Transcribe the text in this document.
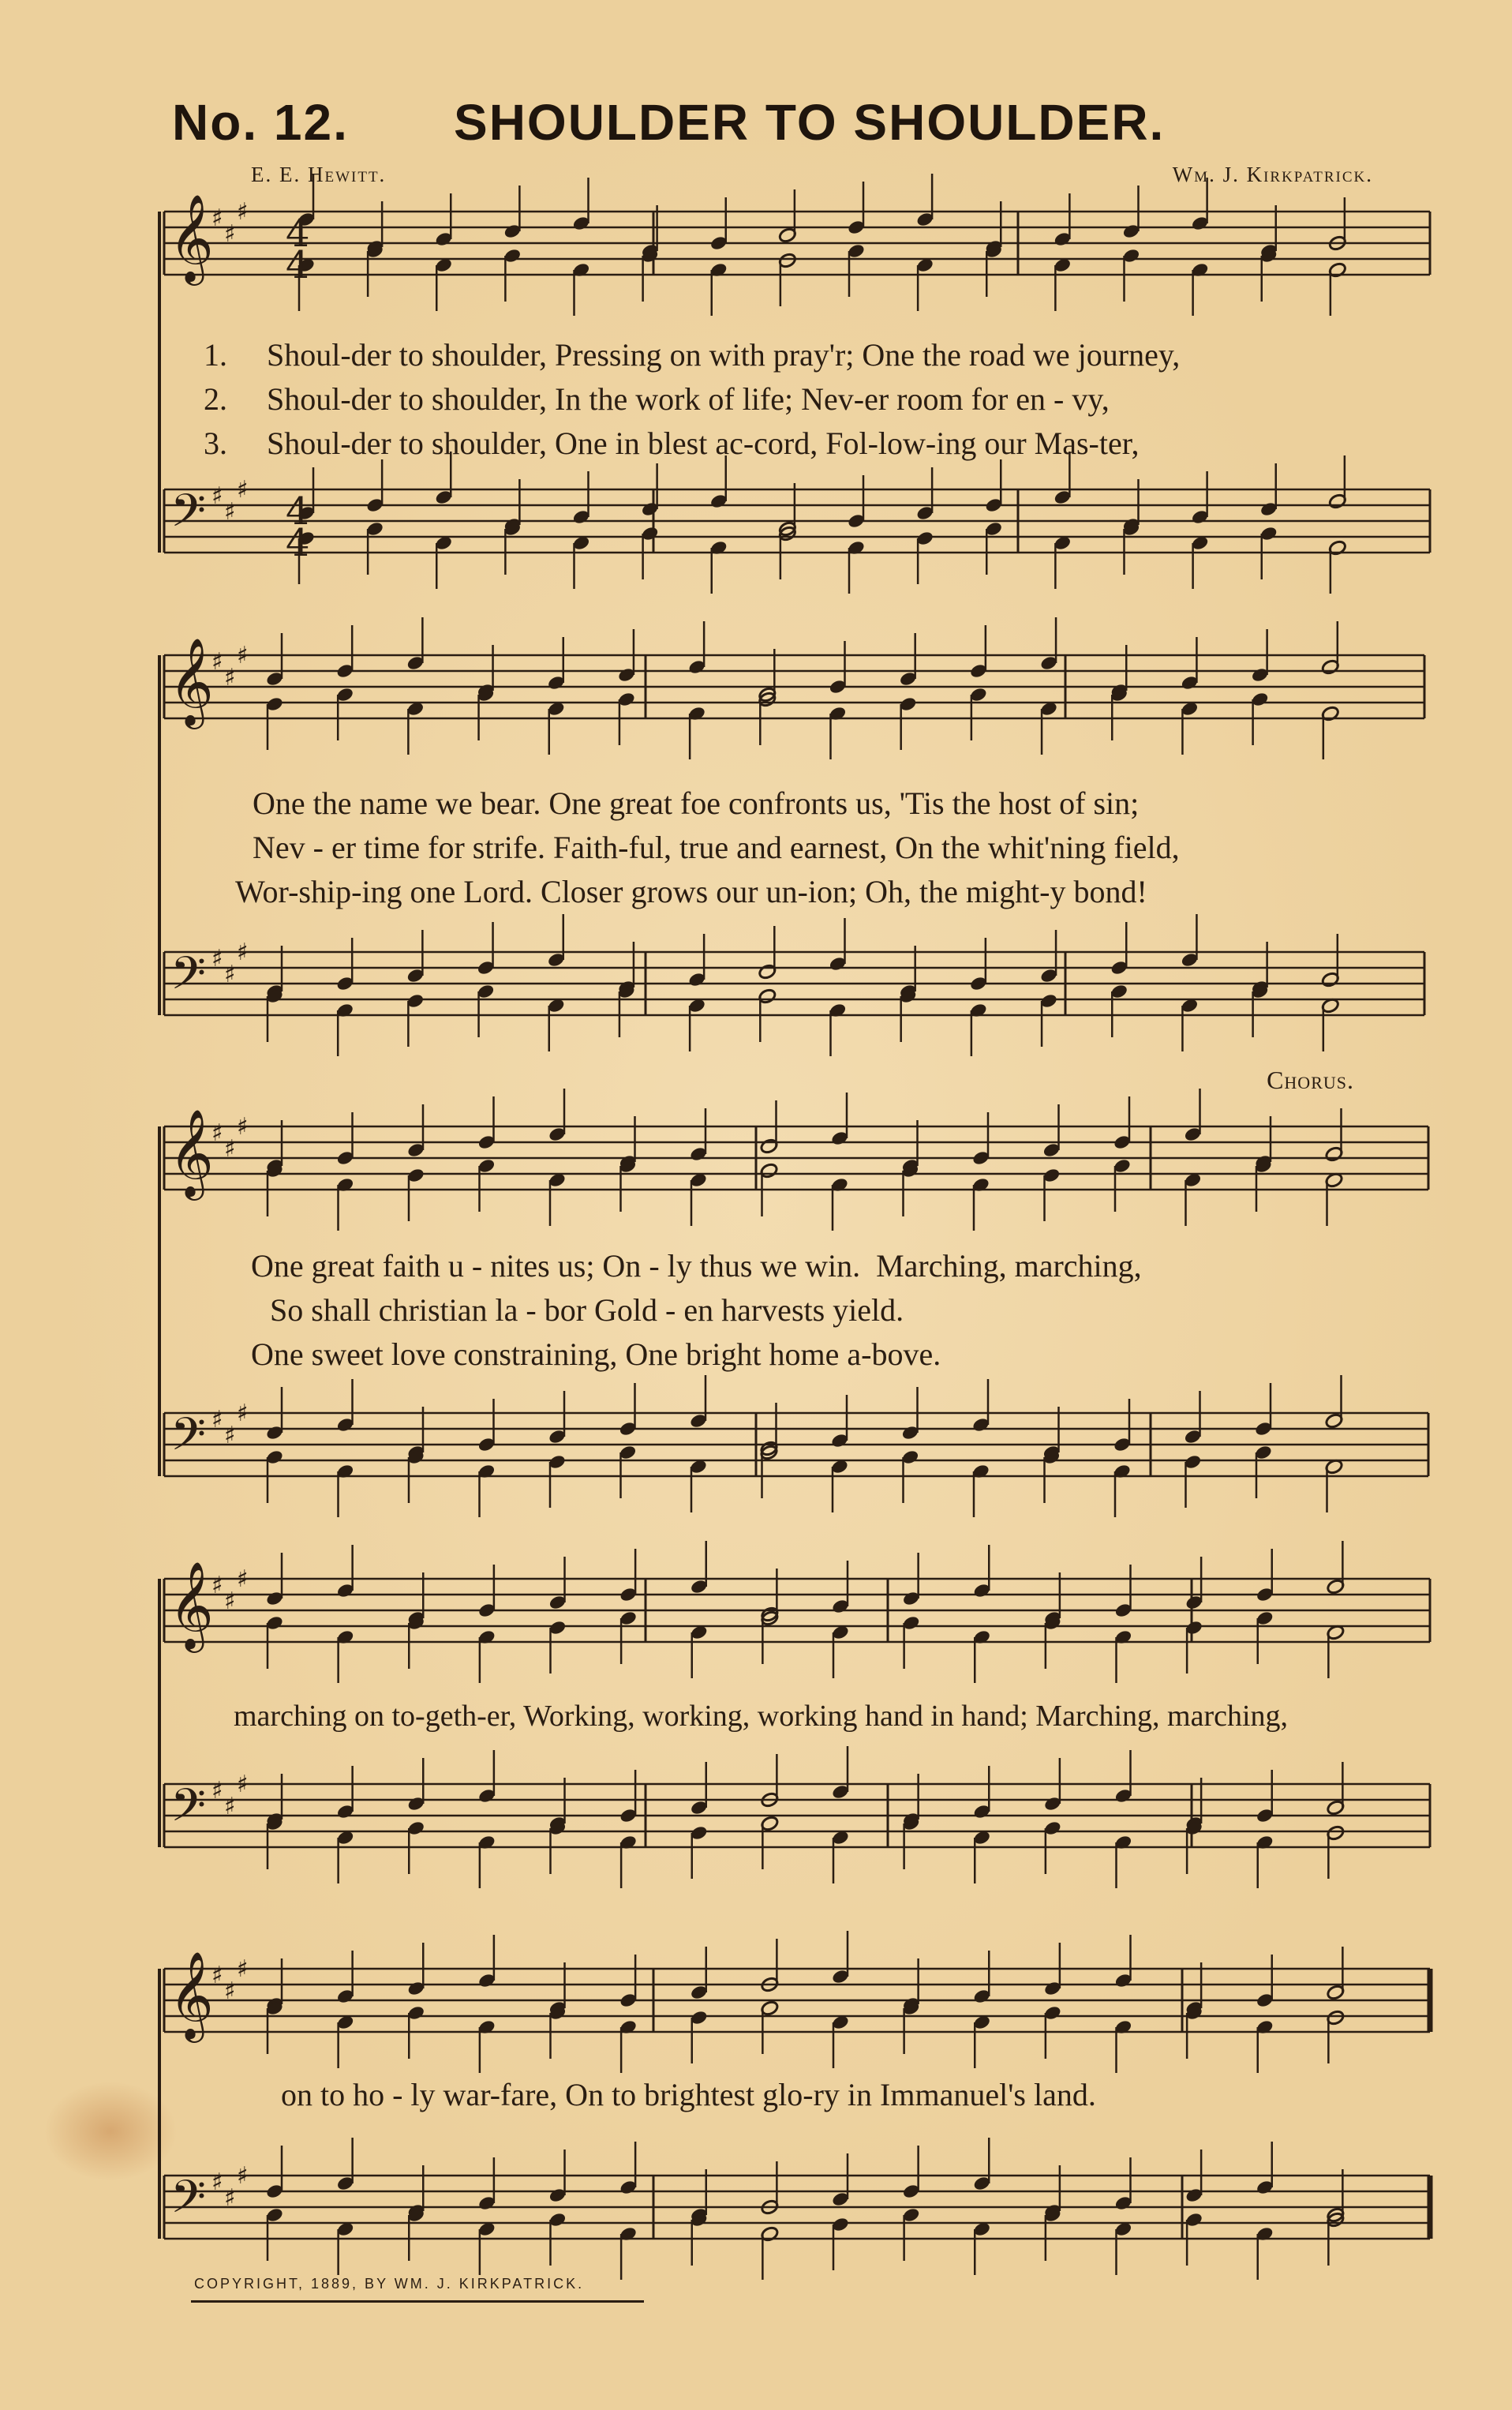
No. 12. SHOULDER TO SHOULDER.
E. E. Hewitt.	Wm. J. Kirkpatrick.
𝄞
♯
♯
♯
𝄢 ♯
♯
♯
𝄞
♯
♯
♯
𝄢 ♯
♯
♯
𝄞
♯
♯
♯
𝄢 ♯
♯
♯
𝄞
♯
♯
♯
𝄢 ♯
♯
♯
𝄞
♯
♯
♯
𝄢 ♯
♯
♯
4
4
4
4
1. Shoul-der to shoulder, Pressing on with pray'r; One the road we journey,
2. Shoul-der to shoulder, In the work of life; Nev-er room for en - vy,
3. Shoul-der to shoulder, One in blest ac-cord, Fol-low-ing our Mas-ter,
One the name we bear. One great foe confronts us, 'Tis the host of sin;
Nev - er time for strife. Faith-ful, true and earnest, On the whit'ning field,
Wor-ship-ing one Lord. Closer grows our un-ion; Oh, the might-y bond!
Chorus.
One great faith u - nites us; On - ly thus we win. Marching, marching,
So shall christian la - bor Gold - en harvests yield.
One sweet love constraining, One bright home a-bove.
marching on to-geth-er, Working, working, working hand in hand; Marching, marching,
on to ho - ly war-fare, On to brightest glo-ry in Immanuel's land.
COPYRIGHT, 1889, BY WM. J. KIRKPATRICK.
